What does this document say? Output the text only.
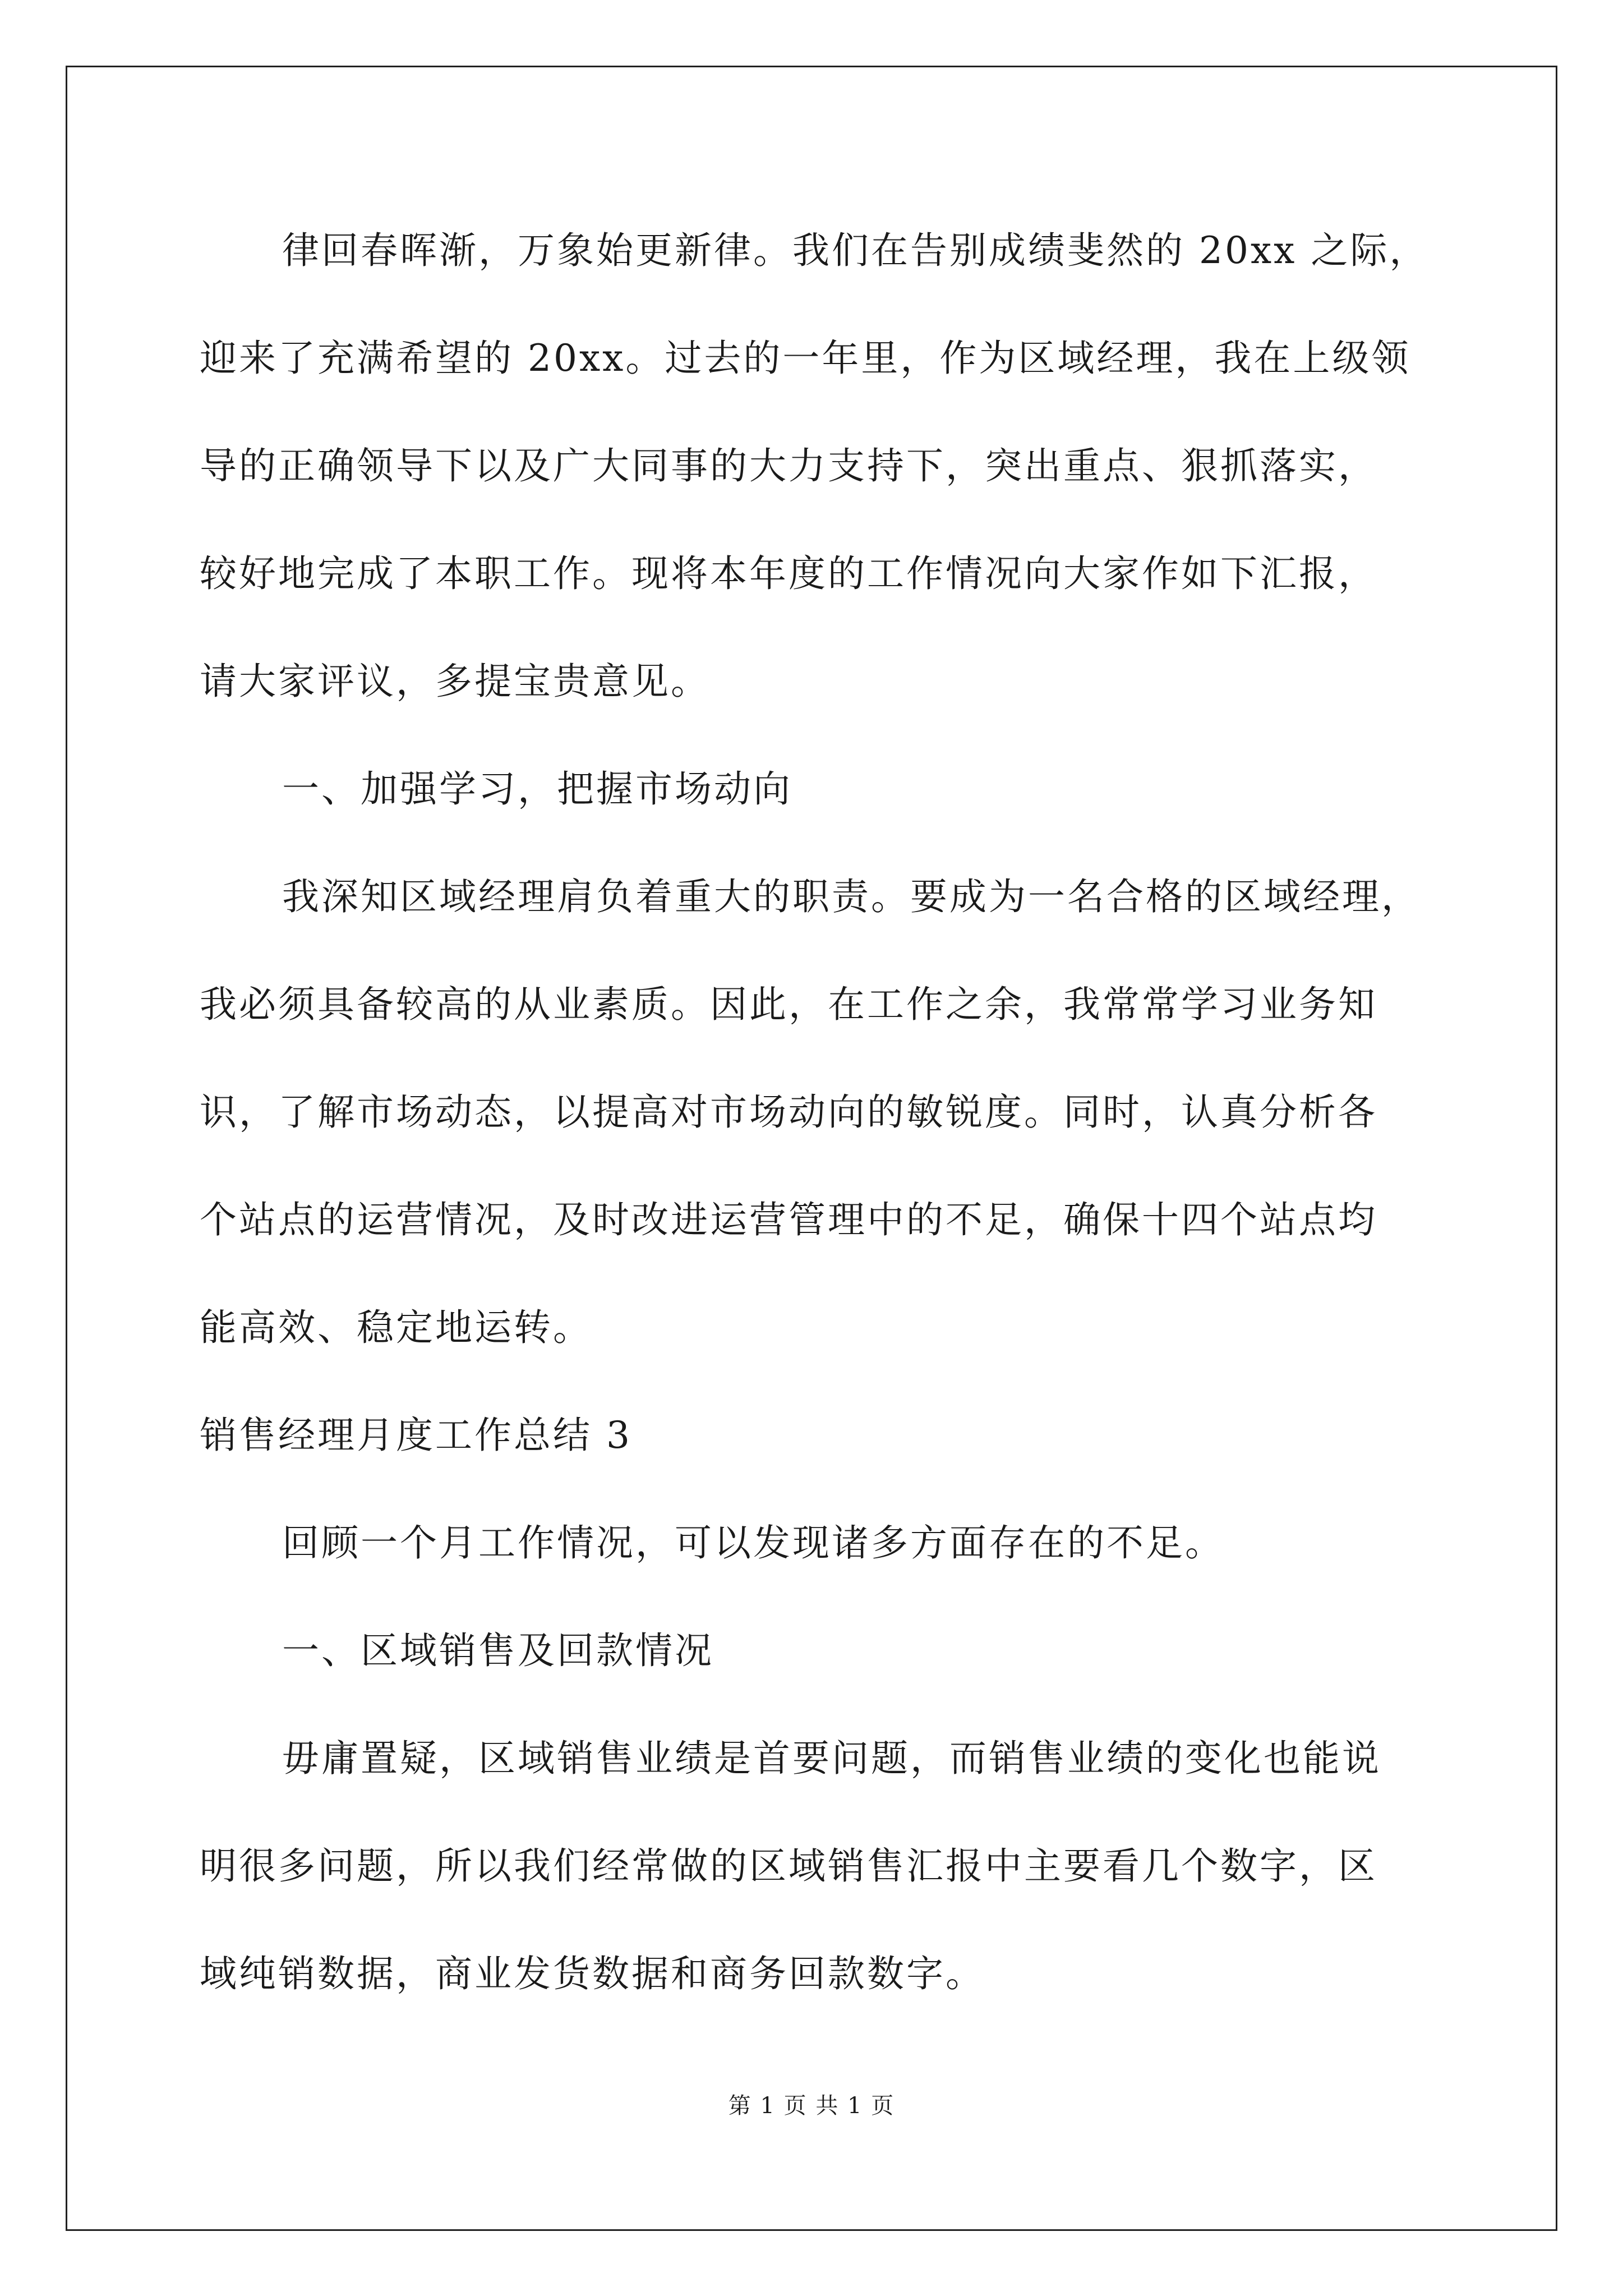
律回春晖渐，万象始更新律。我们在告别成绩斐然的 20xx 之际，

迎来了充满希望的 20xx。过去的一年里，作为区域经理，我在上级领

导的正确领导下以及广大同事的大力支持下，突出重点、狠抓落实，

较好地完成了本职工作。现将本年度的工作情况向大家作如下汇报，

请大家评议，多提宝贵意见。

一、加强学习，把握市场动向

我深知区域经理肩负着重大的职责。要成为一名合格的区域经理，

我必须具备较高的从业素质。因此，在工作之余，我常常学习业务知

识，了解市场动态，以提高对市场动向的敏锐度。同时，认真分析各

个站点的运营情况，及时改进运营管理中的不足，确保十四个站点均

能高效、稳定地运转。

销售经理月度工作总结 3

回顾一个月工作情况，可以发现诸多方面存在的不足。

一、区域销售及回款情况

毋庸置疑，区域销售业绩是首要问题，而销售业绩的变化也能说

明很多问题，所以我们经常做的区域销售汇报中主要看几个数字，区

域纯销数据，商业发货数据和商务回款数字。

第 1 页 共 1 页
